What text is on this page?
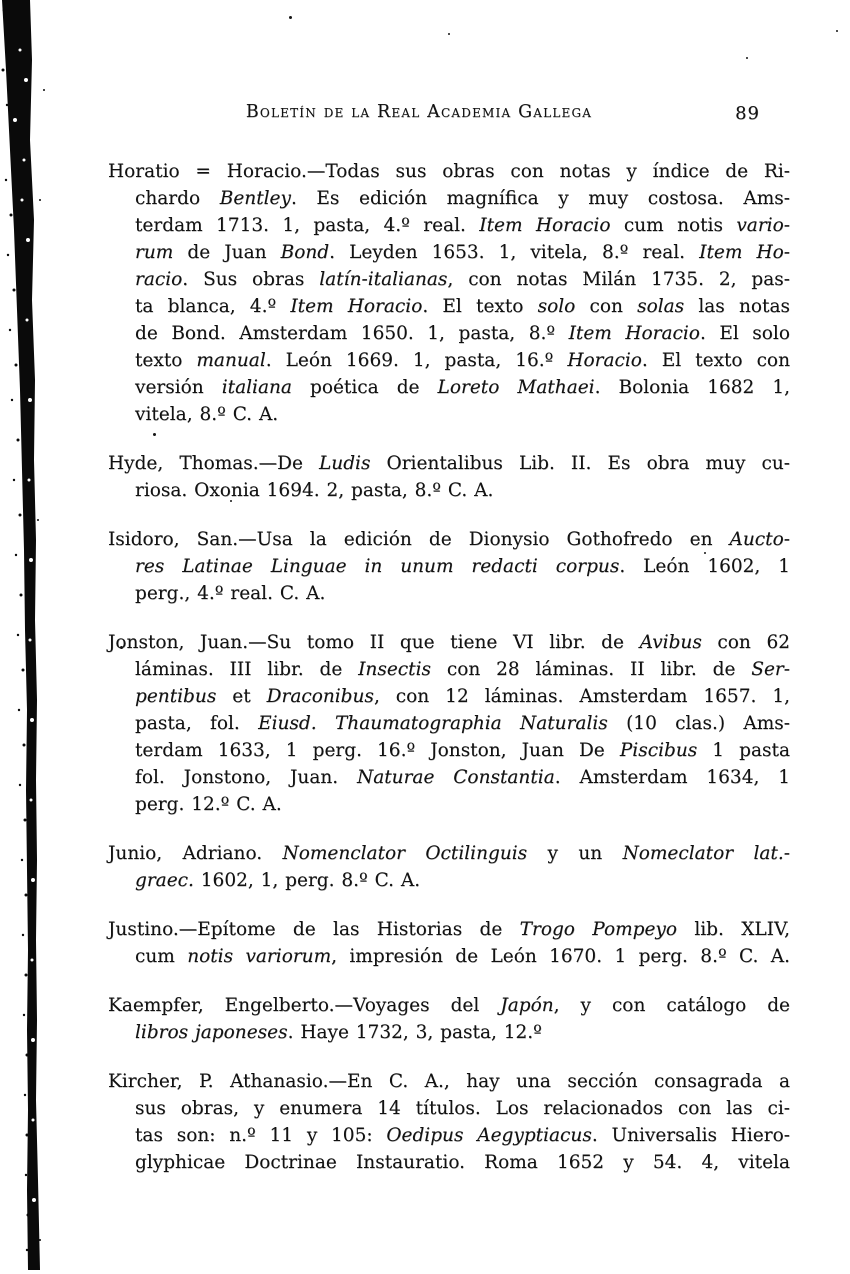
Boletín de la Real Academia Gallega	89
Horatio = Horacio.—Todas sus obras con notas y índice de Ri-
chardo Bentley. Es edición magnífica y muy costosa. Ams-
terdam 1713. 1, pasta, 4.º real. Item Horacio cum notis vario-
rum de Juan Bond. Leyden 1653. 1, vitela, 8.º real. Item Ho-
racio. Sus obras latín-italianas, con notas Milán 1735. 2, pas-
ta blanca, 4.º Item Horacio. El texto solo con solas las notas
de Bond. Amsterdam 1650. 1, pasta, 8.º Item Horacio. El solo
texto manual. León 1669. 1, pasta, 16.º Horacio. El texto con
versión italiana poética de Loreto Mathaei. Bolonia 1682 1,
vitela, 8.º C. A.
Hyde, Thomas.—De Ludis Orientalibus Lib. II. Es obra muy cu-
riosa. Oxonia 1694. 2, pasta, 8.º C. A.
Isidoro, San.—Usa la edición de Dionysio Gothofredo en Aucto-
res Latinae Linguae in unum redacti corpus. León 1602, 1
perg., 4.º real. C. A.
Jonston, Juan.—Su tomo II que tiene VI libr. de Avibus con 62
láminas. III libr. de Insectis con 28 láminas. II libr. de Ser-
pentibus et Draconibus, con 12 láminas. Amsterdam 1657. 1,
pasta, fol. Eiusd. Thaumatographia Naturalis (10 clas.) Ams-
terdam 1633, 1 perg. 16.º Jonston, Juan De Piscibus 1 pasta
fol. Jonstono, Juan. Naturae Constantia. Amsterdam 1634, 1
perg. 12.º C. A.
Junio, Adriano. Nomenclator Octilinguis y un Nomeclator lat.-
graec. 1602, 1, perg. 8.º C. A.
Justino.—Epítome de las Historias de Trogo Pompeyo lib. XLIV,
cum notis variorum, impresión de León 1670. 1 perg. 8.º C. A.
Kaempfer, Engelberto.—Voyages del Japón, y con catálogo de
libros japoneses. Haye 1732, 3, pasta, 12.º
Kircher, P. Athanasio.—En C. A., hay una sección consagrada a
sus obras, y enumera 14 títulos. Los relacionados con las ci-
tas son: n.º 11 y 105: Oedipus Aegyptiacus. Universalis Hiero-
glyphicae Doctrinae Instauratio. Roma 1652 y 54. 4, vitela
